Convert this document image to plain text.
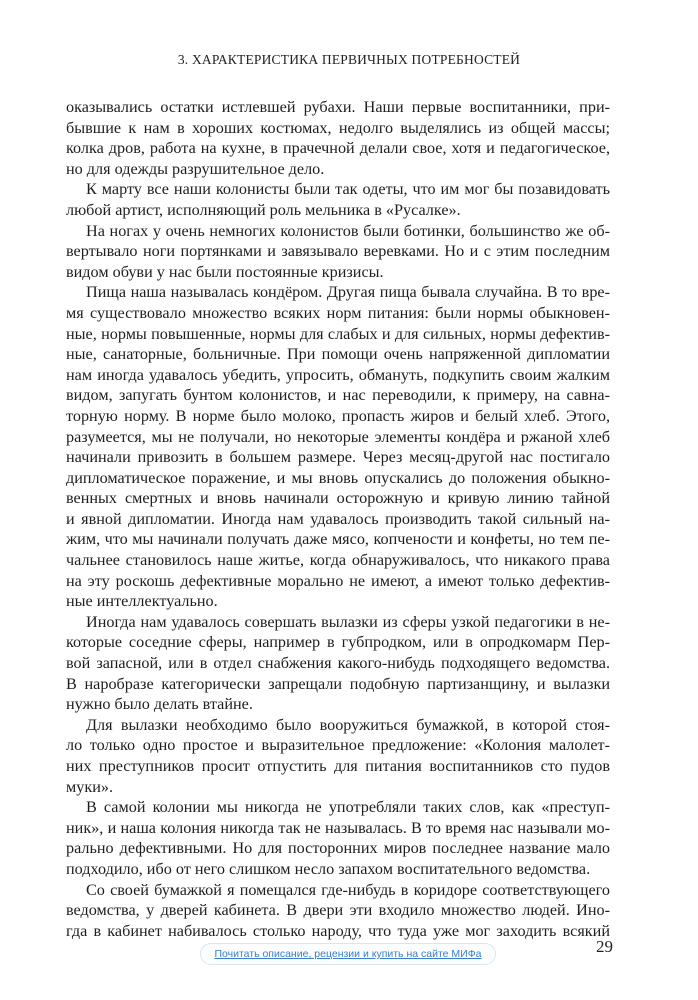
3. ХАРАКТЕРИСТИКА ПЕРВИЧНЫХ ПОТРЕБНОСТЕЙ
оказывались остатки истлевшей рубахи. Наши первые воспитанники, при-
бывшие к нам в хороших костюмах, недолго выделялись из общей массы;
колка дров, работа на кухне, в прачечной делали свое, хотя и педагогическое,
но для одежды разрушительное дело.
К марту все наши колонисты были так одеты, что им мог бы позавидовать
любой артист, исполняющий роль мельника в «Русалке».
На ногах у очень немногих колонистов были ботинки, большинство же об-
вертывало ноги портянками и завязывало веревками. Но и с этим последним
видом обуви у нас были постоянные кризисы.
Пища наша называлась кондёром. Другая пища бывала случайна. В то вре-
мя существовало множество всяких норм питания: были нормы обыкновен-
ные, нормы повышенные, нормы для слабых и для сильных, нормы дефектив-
ные, санаторные, больничные. При помощи очень напряженной дипломатии
нам иногда удавалось убедить, упросить, обмануть, подкупить своим жалким
видом, запугать бунтом колонистов, и нас переводили, к примеру, на савна-
торную норму. В норме было молоко, пропасть жиров и белый хлеб. Этого,
разумеется, мы не получали, но некоторые элементы кондёра и ржаной хлеб
начинали привозить в большем размере. Через месяц-другой нас постигало
дипломатическое поражение, и мы вновь опускались до положения обыкно-
венных смертных и вновь начинали осторожную и кривую линию тайной
и явной дипломатии. Иногда нам удавалось производить такой сильный на-
жим, что мы начинали получать даже мясо, копчености и конфеты, но тем пе-
чальнее становилось наше житье, когда обнаруживалось, что никакого права
на эту роскошь дефективные морально не имеют, а имеют только дефектив-
ные интеллектуально.
Иногда нам удавалось совершать вылазки из сферы узкой педагогики в не-
которые соседние сферы, например в губпродком, или в опродкомарм Пер-
вой запасной, или в отдел снабжения какого-нибудь подходящего ведомства.
В наробразе категорически запрещали подобную партизанщину, и вылазки
нужно было делать втайне.
Для вылазки необходимо было вооружиться бумажкой, в которой стоя-
ло только одно простое и выразительное предложение: «Колония малолет-
них преступников просит отпустить для питания воспитанников сто пудов
муки».
В самой колонии мы никогда не употребляли таких слов, как «преступ-
ник», и наша колония никогда так не называлась. В то время нас называли мо-
рально дефективными. Но для посторонних миров последнее название мало
подходило, ибо от него слишком несло запахом воспитательного ведомства.
Со своей бумажкой я помещался где-нибудь в коридоре соответствующего
ведомства, у дверей кабинета. В двери эти входило множество людей. Ино-
гда в кабинет набивалось столько народу, что туда уже мог заходить всякий
Почитать описание, рецензии и купить на сайте МИФа	29
